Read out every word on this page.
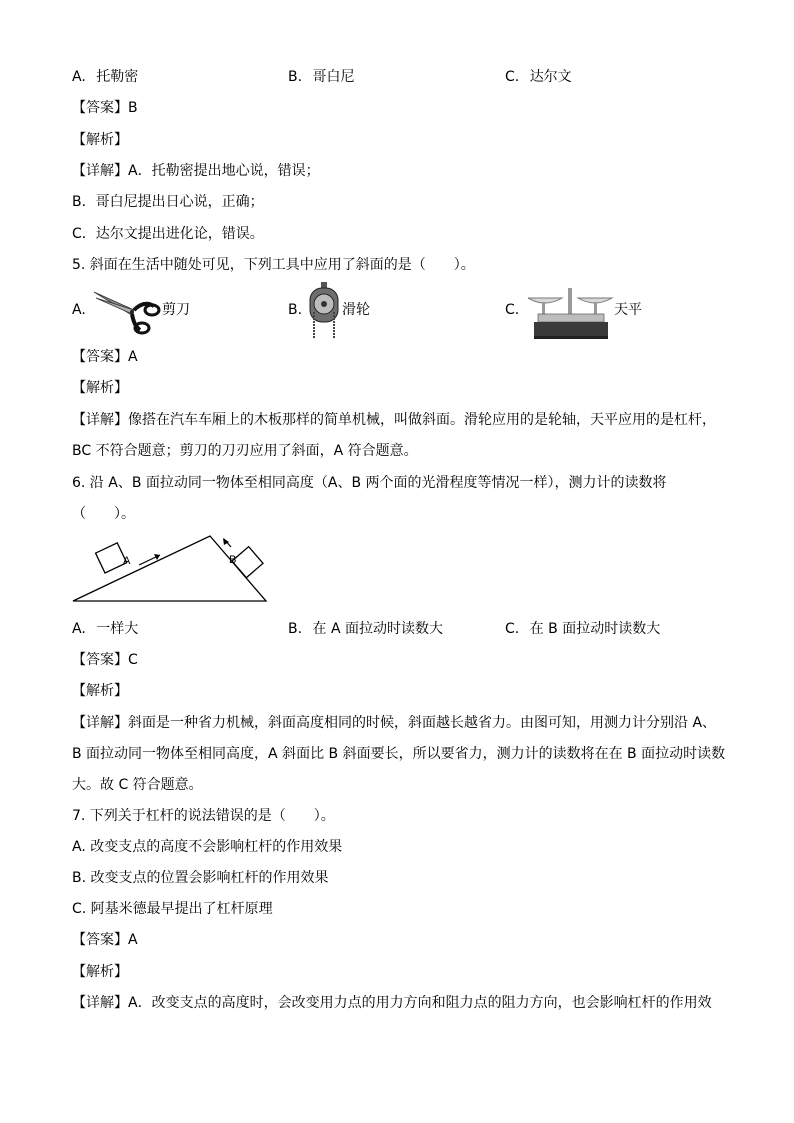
A. 托勒密	B. 哥白尼	C. 达尔文
【答案】B
【解析】
【详解】A．托勒密提出地心说，错误；
B．哥白尼提出日心说，正确；
C．达尔文提出进化论，错误。
5. 斜面在生活中随处可见，下列工具中应用了斜面的是（　　）。
A.	剪刀	B.	滑轮	C.	天平
【答案】A
【解析】
【详解】像搭在汽车车厢上的木板那样的简单机械，叫做斜面。滑轮应用的是轮轴，天平应用的是杠杆，
BC 不符合题意；剪刀的刀刃应用了斜面，A 符合题意。
6. 沿 A、B 面拉动同一物体至相同高度（A、B 两个面的光滑程度等情况一样），测力计的读数将
（　　）。
A	B
A. 一样大	B. 在 A 面拉动时读数大	C. 在 B 面拉动时读数大
【答案】C
【解析】
【详解】斜面是一种省力机械，斜面高度相同的时候，斜面越长越省力。由图可知，用测力计分别沿 A、
B 面拉动同一物体至相同高度，A 斜面比 B 斜面要长，所以要省力，测力计的读数将在在 B 面拉动时读数
大。故 C 符合题意。
7. 下列关于杠杆的说法错误的是（　　）。
A. 改变支点的高度不会影响杠杆的作用效果
B. 改变支点的位置会影响杠杆的作用效果
C. 阿基米德最早提出了杠杆原理
【答案】A
【解析】
【详解】A．改变支点的高度时，会改变用力点的用力方向和阻力点的阻力方向，也会影响杠杆的作用效
